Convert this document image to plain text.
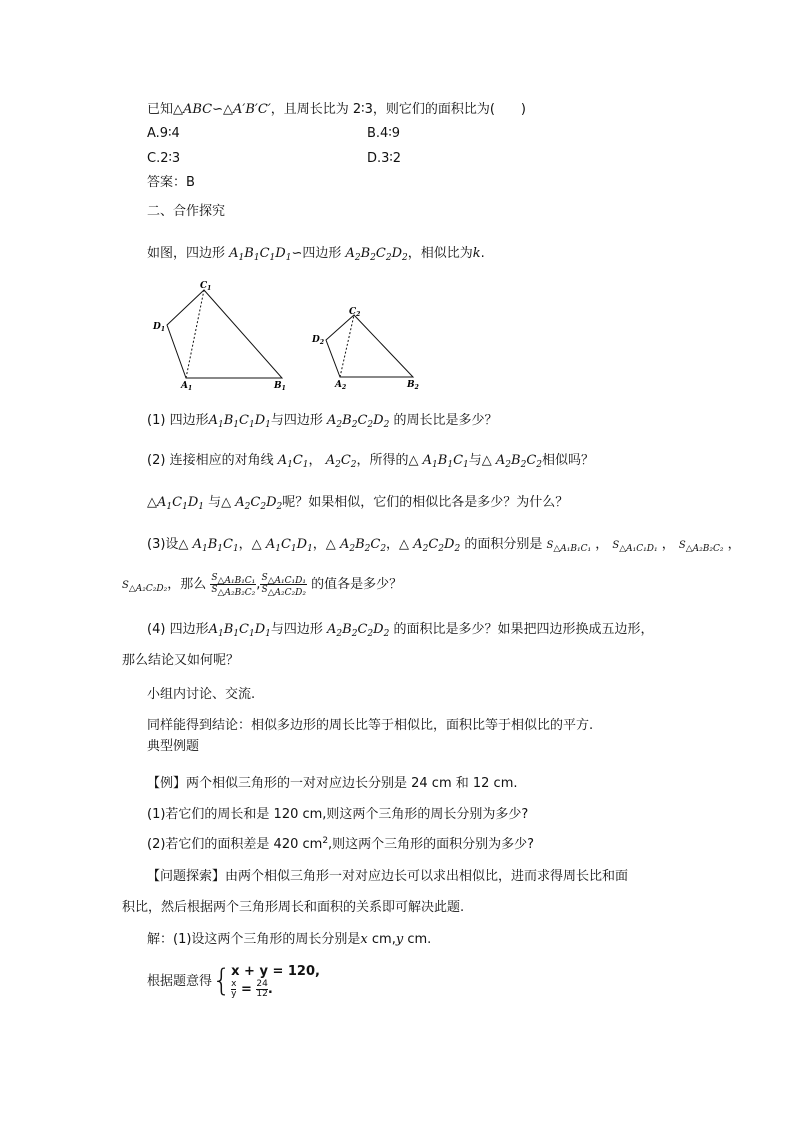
已知△ABC∽△A′B′C′，且周长比为 2∶3，则它们的面积比为(　　)
A.9∶4	B.4∶9
C.2∶3	D.3∶2
答案：B
二、合作探究
如图，四边形 $A_1B_1C_1D_1∽$四边形 $A_2B_2C_2D_2$，相似比为k.
$C_1$
$D_1$
$A_1$	$B_1$
$C_2$
$D_2$
$A_2$	$B_2$
(1) 四边形$A_1B_1C_1D_1$与四边形 $A_2B_2C_2D_2$ 的周长比是多少？
(2) 连接相应的对角线 $A_1C_1$， $A_2C_2$，所得的△ $A_1B_1C_1$与△ $A_2B_2C_2$相似吗？
$\triangle A_1C_1D_1$ 与△ $A_2C_2D_2$呢？如果相似，它们的相似比各是多少？为什么？
(3)设△ $A_1B_1C_1$，△ $A_1C_1D_1$，△ $A_2B_2C_2$，△ $A_2C_2D_2$ 的面积分别是 $S_{\triangle A_1B_1C_1}$ ， $S_{\triangle A_1C_1D_1}$ ， $S_{\triangle A_2B_2C_2}$ ，
$S_{\triangle A_2C_2D_2}$，那么 $\frac{S_{\triangle A_1B_1C_1}}{S_{\triangle A_2B_2C_2}}$ , $\frac{S_{\triangle A_1C_1D_1}}{S_{\triangle A_2C_2D_2}}$ 的值各是多少？
(4) 四边形$A_1B_1C_1D_1$与四边形 $A_2B_2C_2D_2$ 的面积比是多少？如果把四边形换成五边形，
那么结论又如何呢？
小组内讨论、交流.
同样能得到结论：相似多边形的周长比等于相似比，面积比等于相似比的平方.
典型例题
【例】两个相似三角形的一对对应边长分别是 24 cm 和 12 cm.
(1)若它们的周长和是 120 cm,则这两个三角形的周长分别为多少?
(2)若它们的面积差是 420 $cm^2$,则这两个三角形的面积分别为多少?
【问题探索】由两个相似三角形一对对应边长可以求出相似比，进而求得周长比和面
积比，然后根据两个三角形周长和面积的关系即可解决此题.
解：(1)设这两个三角形的周长分别是x cm,y cm.
根据题意得{ x + y = 120,
$\frac{x}{y} = \frac{24}{12}$ .
